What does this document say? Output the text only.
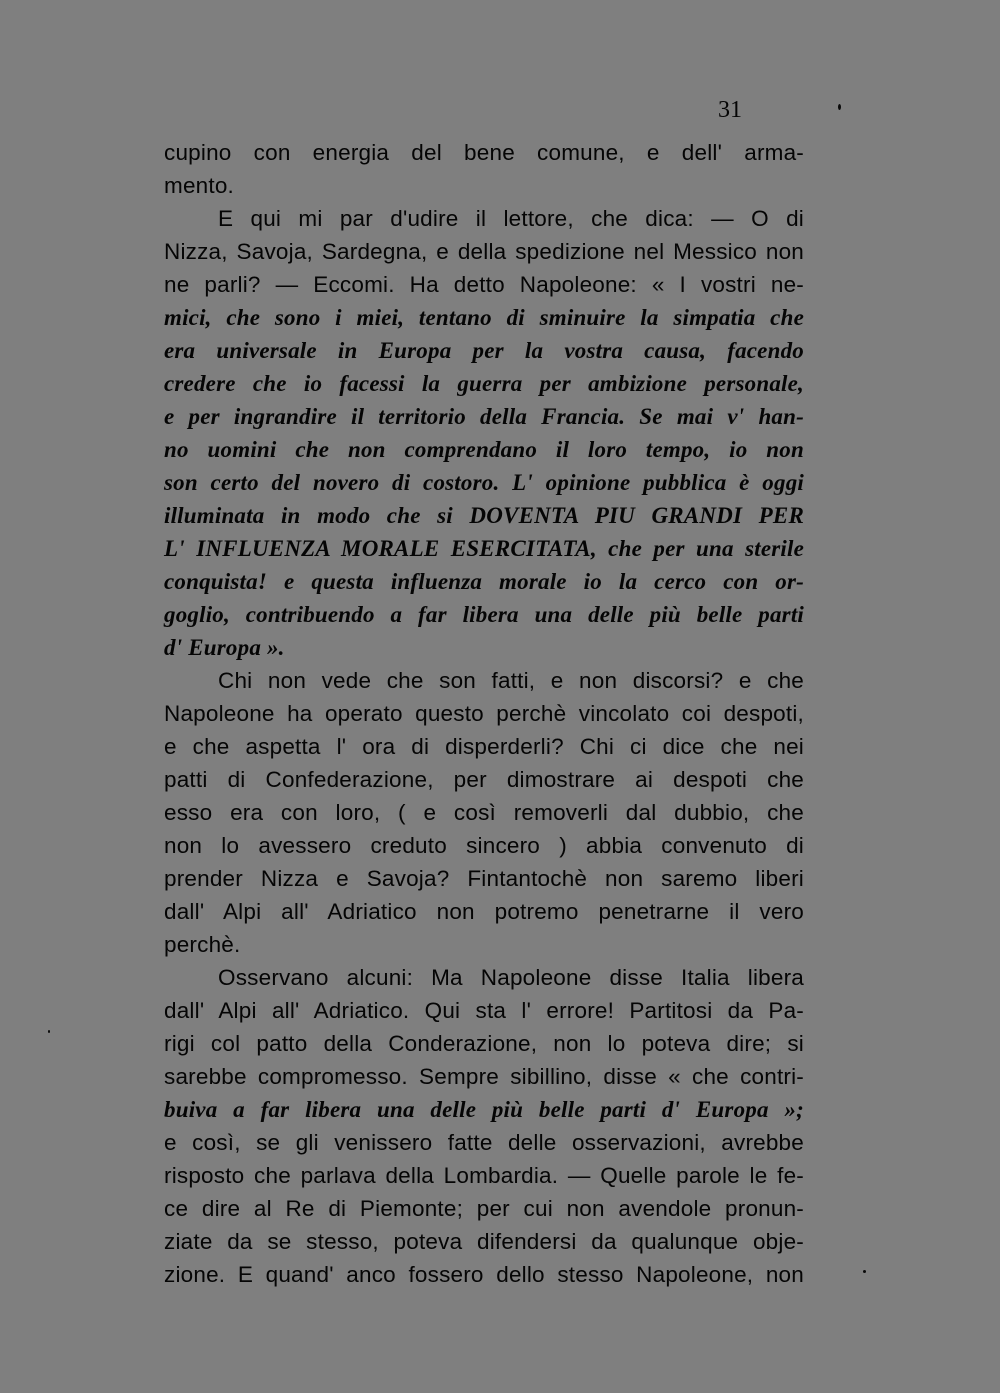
31
cupino con energia del bene comune, e dell' arma-
mento.
E qui mi par d'udire il lettore, che dica: — O di
Nizza, Savoja, Sardegna, e della spedizione nel Messico non
ne parli? — Eccomi. Ha detto Napoleone: « I vostri ne-
mici, che sono i miei, tentano di sminuire la simpatia che
era universale in Europa per la vostra causa, facendo
credere che io facessi la guerra per ambizione personale,
e per ingrandire il territorio della Francia. Se mai v' han-
no uomini che non comprendano il loro tempo, io non
son certo del novero di costoro. L' opinione pubblica è oggi
illuminata in modo che si DOVENTA PIU GRANDI PER
L' INFLUENZA MORALE ESERCITATA, che per una sterile
conquista! e questa influenza morale io la cerco con or-
goglio, contribuendo a far libera una delle più belle parti
d' Europa ».
Chi non vede che son fatti, e non discorsi? e che
Napoleone ha operato questo perchè vincolato coi despoti,
e che aspetta l' ora di disperderli? Chi ci dice che nei
patti di Confederazione, per dimostrare ai despoti che
esso era con loro, ( e così removerli dal dubbio, che
non lo avessero creduto sincero ) abbia convenuto di
prender Nizza e Savoja? Fintantochè non saremo liberi
dall' Alpi all' Adriatico non potremo penetrarne il vero
perchè.
Osservano alcuni: Ma Napoleone disse Italia libera
dall' Alpi all' Adriatico. Qui sta l' errore! Partitosi da Pa-
rigi col patto della Conderazione, non lo poteva dire; si
sarebbe compromesso. Sempre sibillino, disse « che contri-
buiva a far libera una delle più belle parti d' Europa »;
e così, se gli venissero fatte delle osservazioni, avrebbe
risposto che parlava della Lombardia. — Quelle parole le fe-
ce dire al Re di Piemonte; per cui non avendole pronun-
ziate da se stesso, poteva difendersi da qualunque obje-
zione. E quand' anco fossero dello stesso Napoleone, non
